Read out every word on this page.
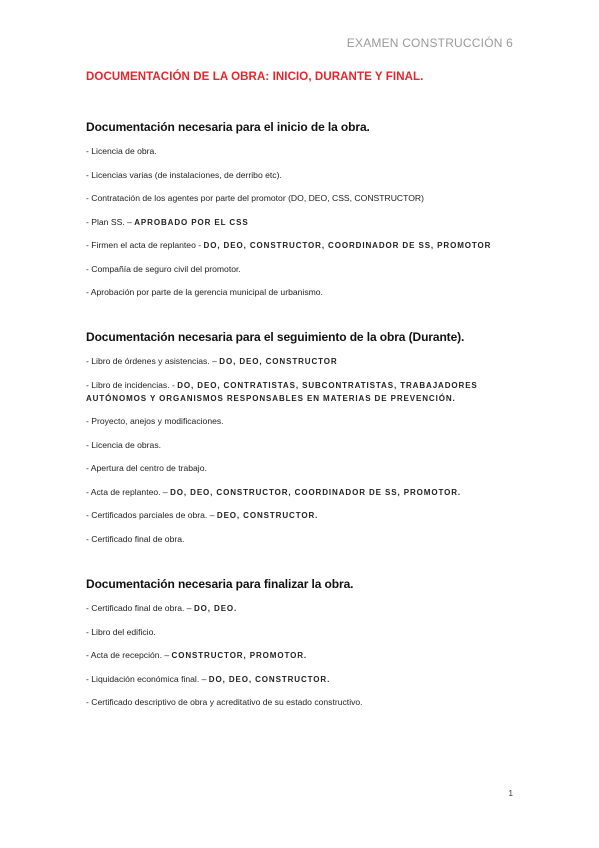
EXAMEN CONSTRUCCIÓN 6
DOCUMENTACIÓN DE LA OBRA: INICIO, DURANTE Y FINAL.
Documentación necesaria para el inicio de la obra.
- Licencia de obra.
- Licencias varias (de instalaciones, de derribo etc).
- Contratación de los agentes por parte del promotor (DO, DEO, CSS, CONSTRUCTOR)
- Plan SS. – APROBADO POR EL CSS
- Firmen el acta de replanteo - DO, DEO, CONSTRUCTOR, COORDINADOR DE SS, PROMOTOR
- Compañía de seguro civil del promotor.
- Aprobación por parte de la gerencia municipal de urbanismo.
Documentación necesaria para el seguimiento de la obra (Durante).
- Libro de órdenes y asistencias. – DO, DEO, CONSTRUCTOR
- Libro de incidencias. - DO, DEO, CONTRATISTAS, SUBCONTRATISTAS, TRABAJADORES AUTÓNOMOS Y ORGANISMOS RESPONSABLES EN MATERIAS DE PREVENCIÓN.
- Proyecto, anejos y modificaciones.
- Licencia de obras.
- Apertura del centro de trabajo.
- Acta de replanteo. – DO, DEO, CONSTRUCTOR, COORDINADOR DE SS, PROMOTOR.
- Certificados parciales de obra. – DEO, CONSTRUCTOR.
- Certificado final de obra.
Documentación necesaria para finalizar la obra.
- Certificado final de obra. – DO, DEO.
- Libro del edificio.
- Acta de recepción. – CONSTRUCTOR, PROMOTOR.
- Liquidación económica final. – DO, DEO, CONSTRUCTOR.
- Certificado descriptivo de obra y acreditativo de su estado constructivo.
1
